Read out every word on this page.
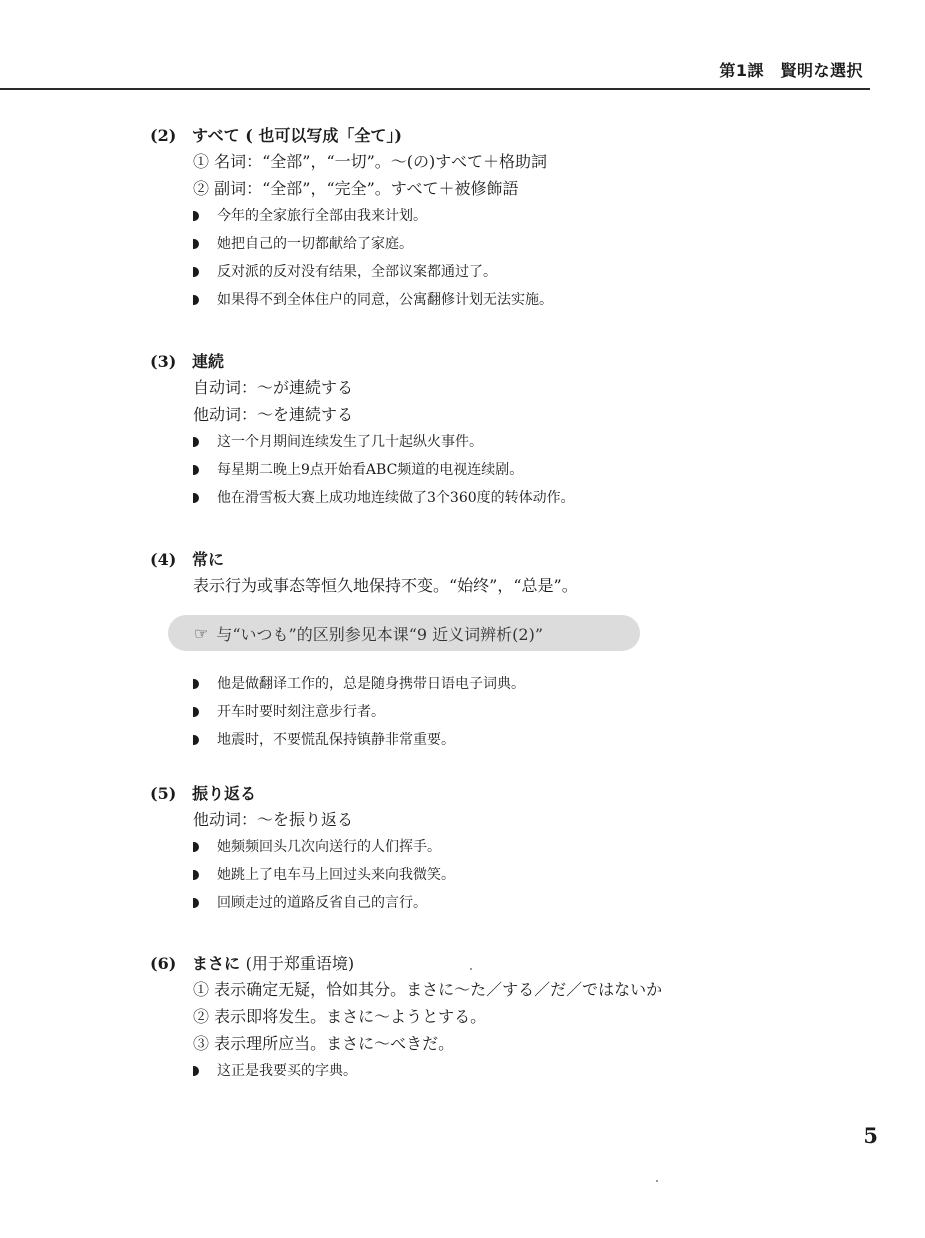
第1課　賢明な選択
(2) すべて ( 也可以写成「全て」)
① 名词：“全部”，“一切”。～(の)すべて＋格助詞
② 副词：“全部”，“完全”。すべて＋被修飾語
今年的全家旅行全部由我来计划。
她把自己的一切都献给了家庭。
反对派的反对没有结果，全部议案都通过了。
如果得不到全体住户的同意，公寓翻修计划无法实施。
(3) 連続
自动词：～が連続する
他动词：～を連続する
这一个月期间连续发生了几十起纵火事件。
每星期二晚上9点开始看ABC频道的电视连续剧。
他在滑雪板大赛上成功地连续做了3个360度的转体动作。
(4) 常に
表示行为或事态等恒久地保持不变。“始终”，“总是”。
☞ 与“いつも”的区别参见本课“9 近义词辨析(2)”
他是做翻译工作的，总是随身携带日语电子词典。
开车时要时刻注意步行者。
地震时，不要慌乱保持镇静非常重要。
(5) 振り返る
他动词：～を振り返る
她频频回头几次向送行的人们挥手。
她跳上了电车马上回过头来向我微笑。
回顾走过的道路反省自己的言行。
(6) まさに (用于郑重语境)
① 表示确定无疑，恰如其分。まさに～た／する／だ／ではないか
② 表示即将发生。まさに～ようとする。
③ 表示理所应当。まさに～べきだ。
这正是我要买的字典。
5
